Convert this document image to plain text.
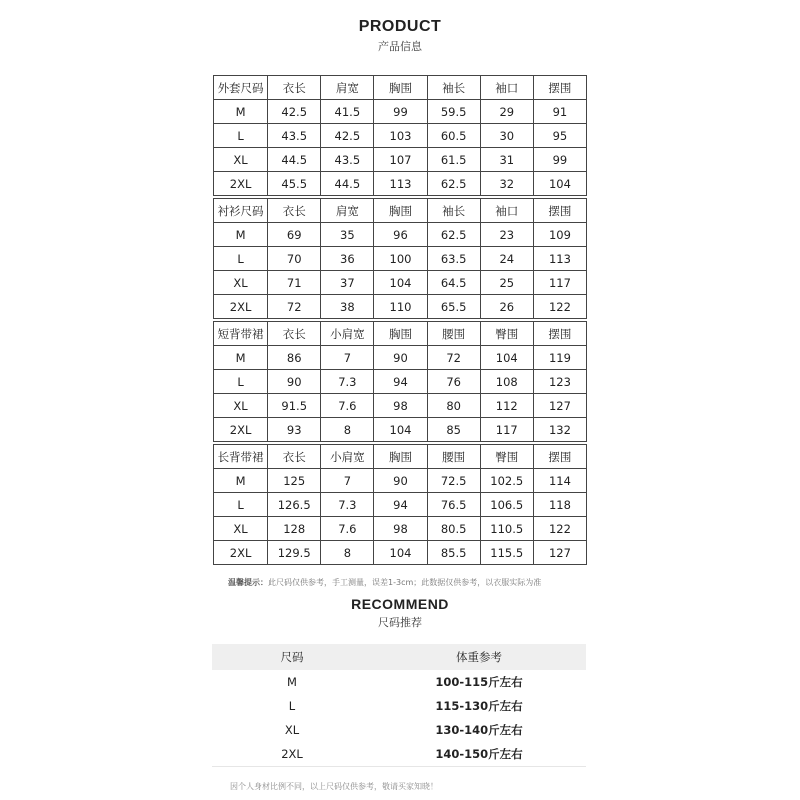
PRODUCT
产品信息
外套尺码	衣长	肩宽	胸围	袖长	袖口	摆围
M	42.5	41.5	99	59.5	29	91
L	43.5	42.5	103	60.5	30	95
XL	44.5	43.5	107	61.5	31	99
2XL	45.5	44.5	113	62.5	32	104
衬衫尺码	衣长	肩宽	胸围	袖长	袖口	摆围
M	69	35	96	62.5	23	109
L	70	36	100	63.5	24	113
XL	71	37	104	64.5	25	117
2XL	72	38	110	65.5	26	122
短背带裙	衣长	小肩宽	胸围	腰围	臀围	摆围
M	86	7	90	72	104	119
L	90	7.3	94	76	108	123
XL	91.5	7.6	98	80	112	127
2XL	93	8	104	85	117	132
长背带裙	衣长	小肩宽	胸围	腰围	臀围	摆围
M	125	7	90	72.5	102.5	114
L	126.5	7.3	94	76.5	106.5	118
XL	128	7.6	98	80.5	110.5	122
2XL	129.5	8	104	85.5	115.5	127
温馨提示：此尺码仅供参考，手工测量，误差1-3cm；此数据仅供参考，以衣服实际为准
RECOMMEND
尺码推荐
尺码	体重参考
M	100-115斤左右
L	115-130斤左右
XL	130-140斤左右
2XL	140-150斤左右
因个人身材比例不同，以上尺码仅供参考，敬请买家知晓！
